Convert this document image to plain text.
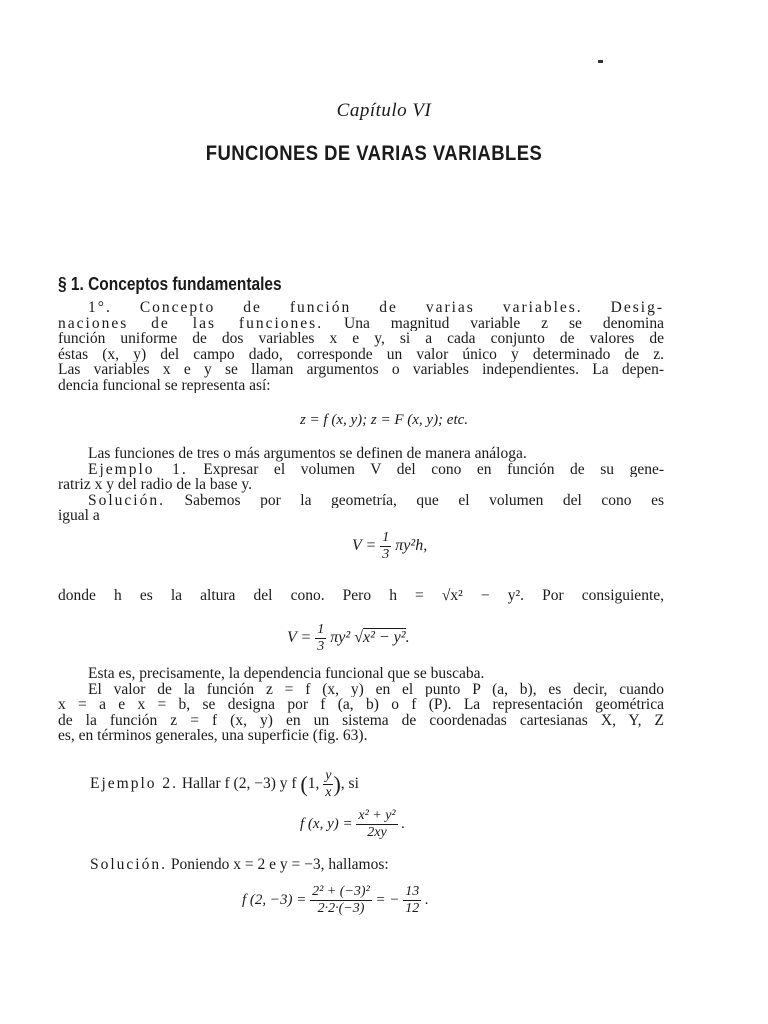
Capítulo VI
FUNCIONES DE VARIAS VARIABLES
§ 1. Conceptos fundamentales
1°. Concepto de función de varias variables. Desig-
naciones de las funciones. Una magnitud variable z se denomina
función uniforme de dos variables x e y, si a cada conjunto de valores de
éstas (x, y) del campo dado, corresponde un valor único y determinado de z.
Las variables x e y se llaman argumentos o variables independientes. La depen-
dencia funcional se representa así:
z = f (x, y); z = F (x, y); etc.
Las funciones de tres o más argumentos se definen de manera análoga.
Ejemplo 1. Expresar el volumen V del cono en función de su gene-
ratriz x y del radio de la base y.
Solución. Sabemos por la geometría, que el volumen del cono es
igual a
$V = \frac{1}{3} \pi y^2h$,
donde h es la altura del cono. Pero h = √x² − y². Por consiguiente,
$V = \frac{1}{3} \pi y^2$ √x² − y².
Esta es, precisamente, la dependencia funcional que se buscaba.
El valor de la función z = f (x, y) en el punto P (a, b), es decir, cuando
x = a e x = b, se designa por f (a, b) o f (P). La representación geométrica
de la función z = f (x, y) en un sistema de coordenadas cartesianas X, Y, Z
es, en términos generales, una superficie (fig. 63).
Ejemplo 2. Hallar f (2, −3) y f (1, $\frac{y}{x}$ ), si
f (x, $y) = \frac{\text{x² + y²}}{2xy}$ .
Solución. Poniendo x = 2 e y = −3, hallamos:
f (2, $-3) = \frac{\text{2² + (−3)²}}{2\cdot 2\cdot(-3)}$ = − $\frac{13}{12}$ .
